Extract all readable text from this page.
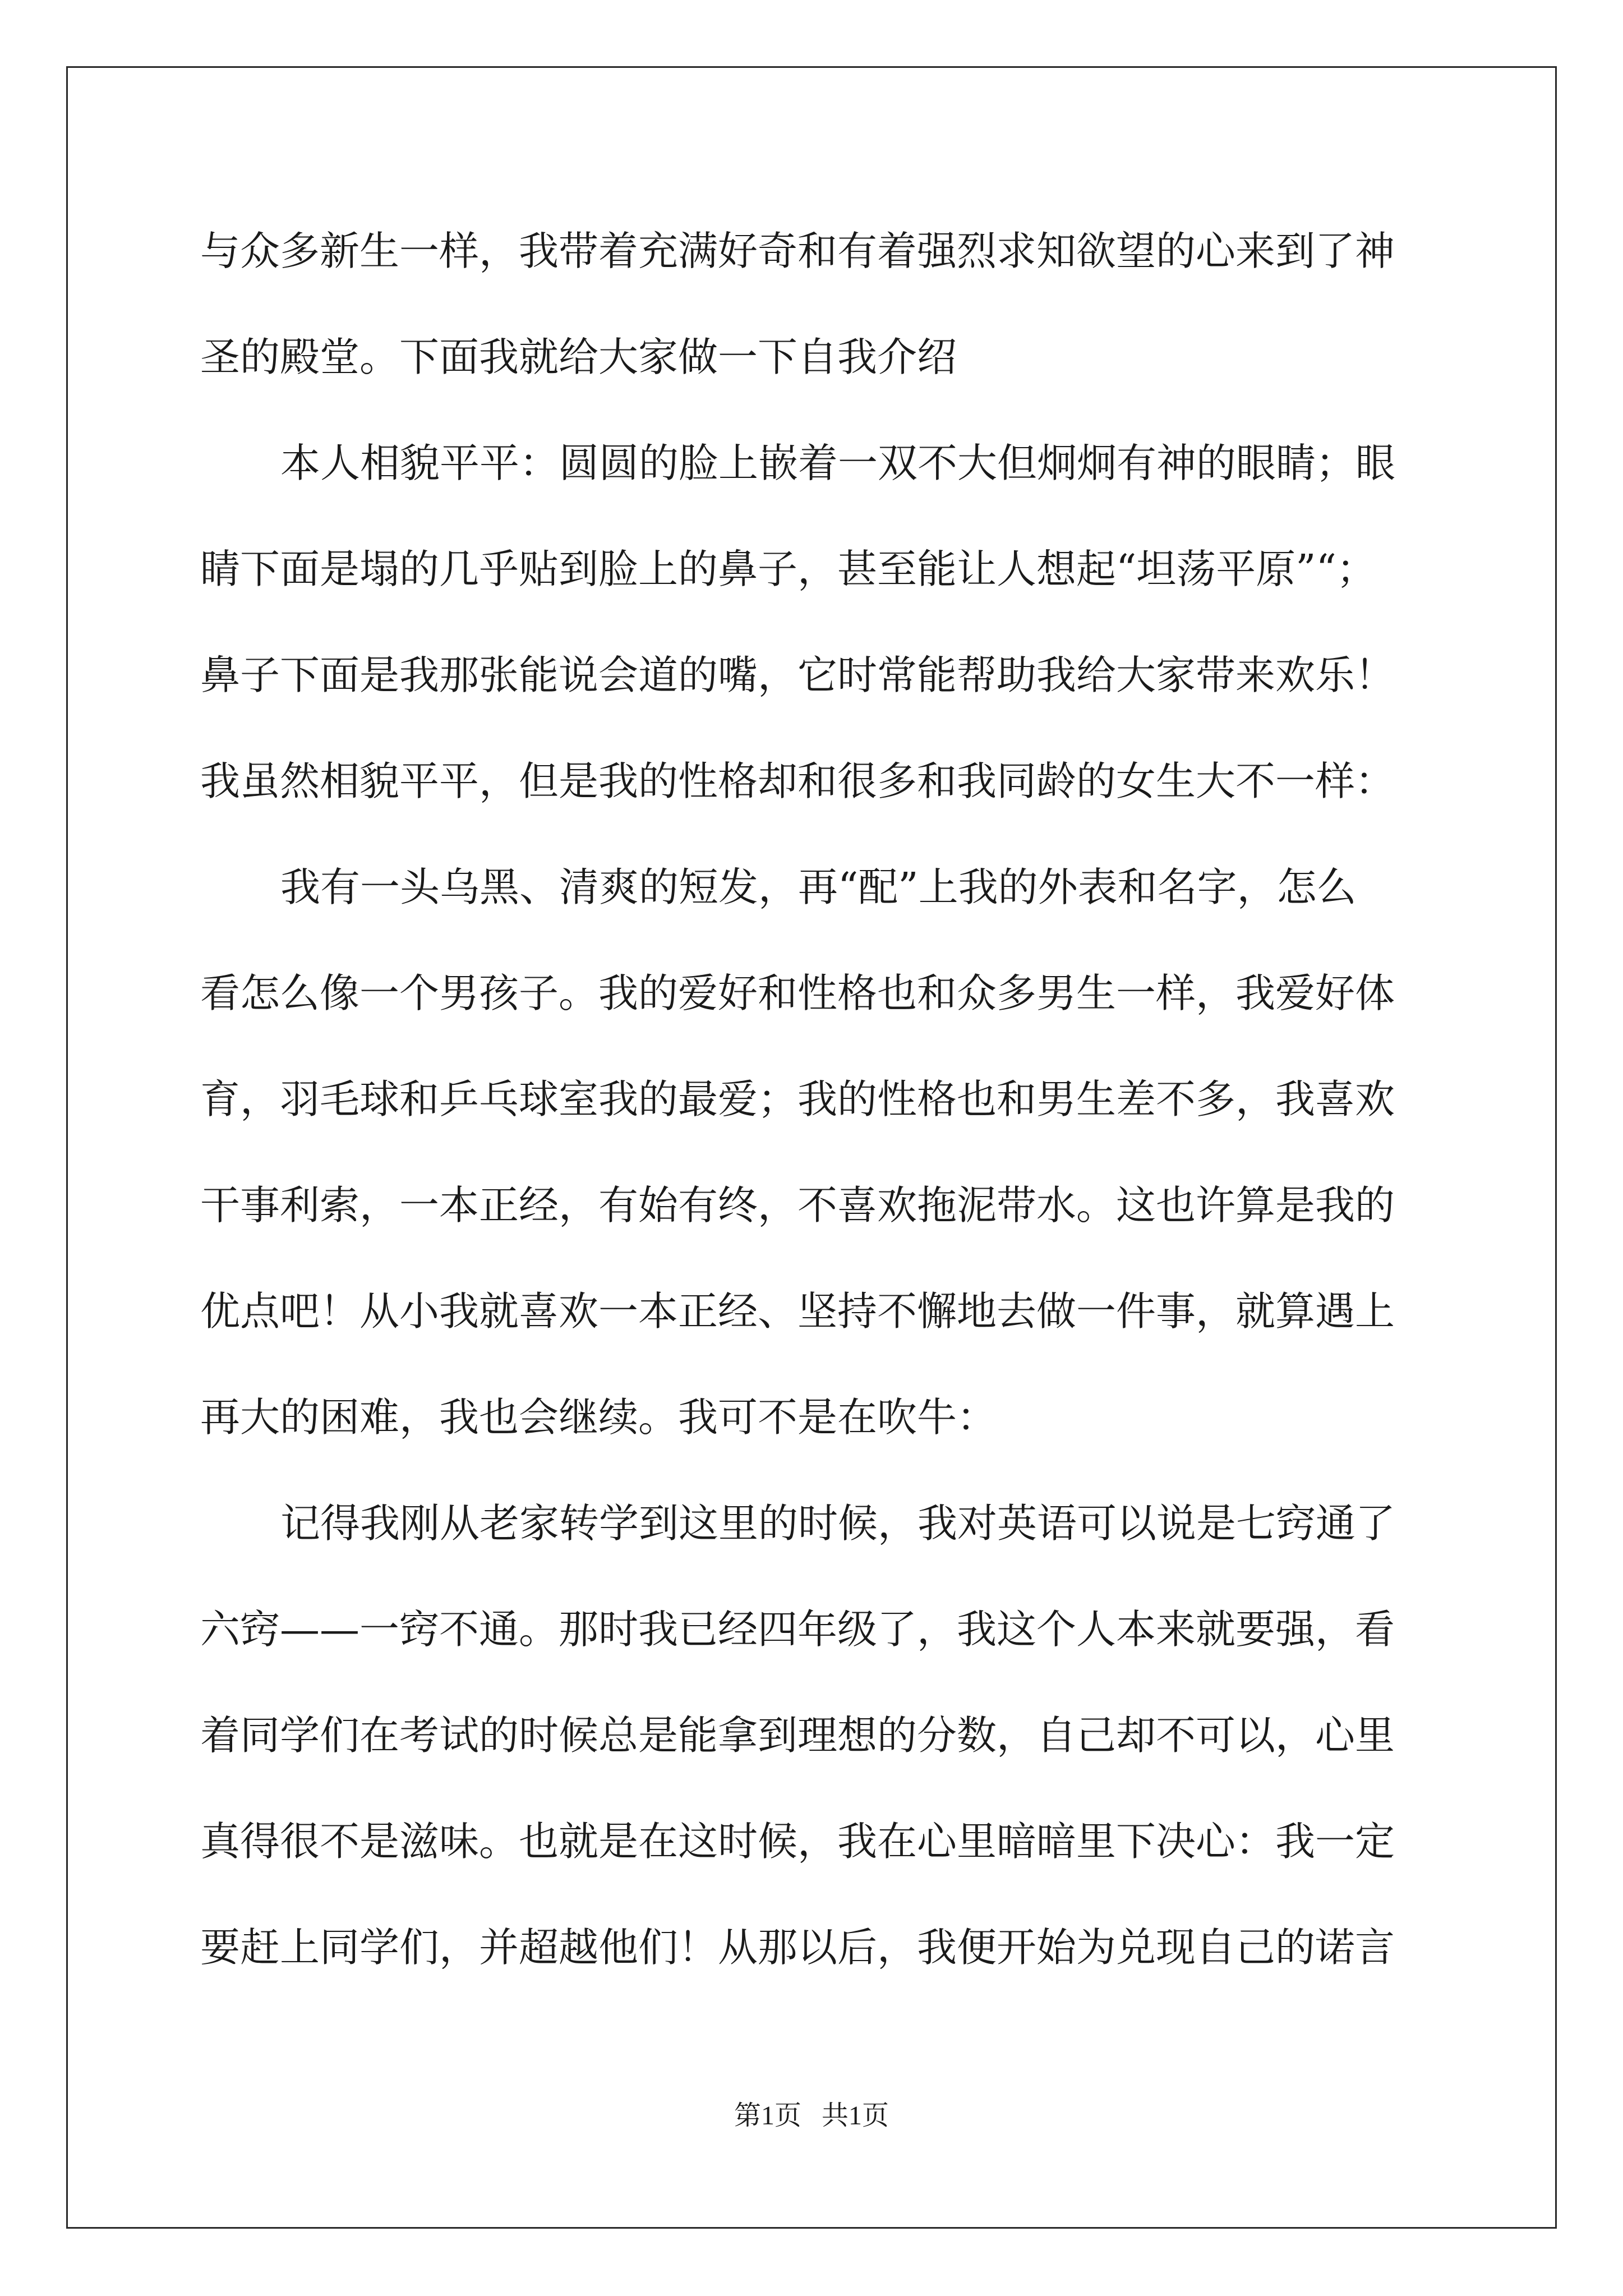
与众多新生一样，我带着充满好奇和有着强烈求知欲望的心来到了神
圣的殿堂。下面我就给大家做一下自我介绍
本人相貌平平：圆圆的脸上嵌着一双不大但炯炯有神的眼睛；眼
睛下面是塌的几乎贴到脸上的鼻子，甚至能让人想起“坦荡平原”“；
鼻子下面是我那张能说会道的嘴，它时常能帮助我给大家带来欢乐！
我虽然相貌平平，但是我的性格却和很多和我同龄的女生大不一样：
我有一头乌黑、清爽的短发，再“配”上我的外表和名字，怎么
看怎么像一个男孩子。我的爱好和性格也和众多男生一样，我爱好体
育，羽毛球和乒乓球室我的最爱；我的性格也和男生差不多，我喜欢
干事利索，一本正经，有始有终，不喜欢拖泥带水。这也许算是我的
优点吧！从小我就喜欢一本正经、坚持不懈地去做一件事，就算遇上
再大的困难，我也会继续。我可不是在吹牛：
记得我刚从老家转学到这里的时候，我对英语可以说是七窍通了
六窍——一窍不通。那时我已经四年级了，我这个人本来就要强，看
着同学们在考试的时候总是能拿到理想的分数，自己却不可以，心里
真得很不是滋味。也就是在这时候，我在心里暗暗里下决心：我一定
要赶上同学们，并超越他们！从那以后，我便开始为兑现自己的诺言
第1页   共1页
